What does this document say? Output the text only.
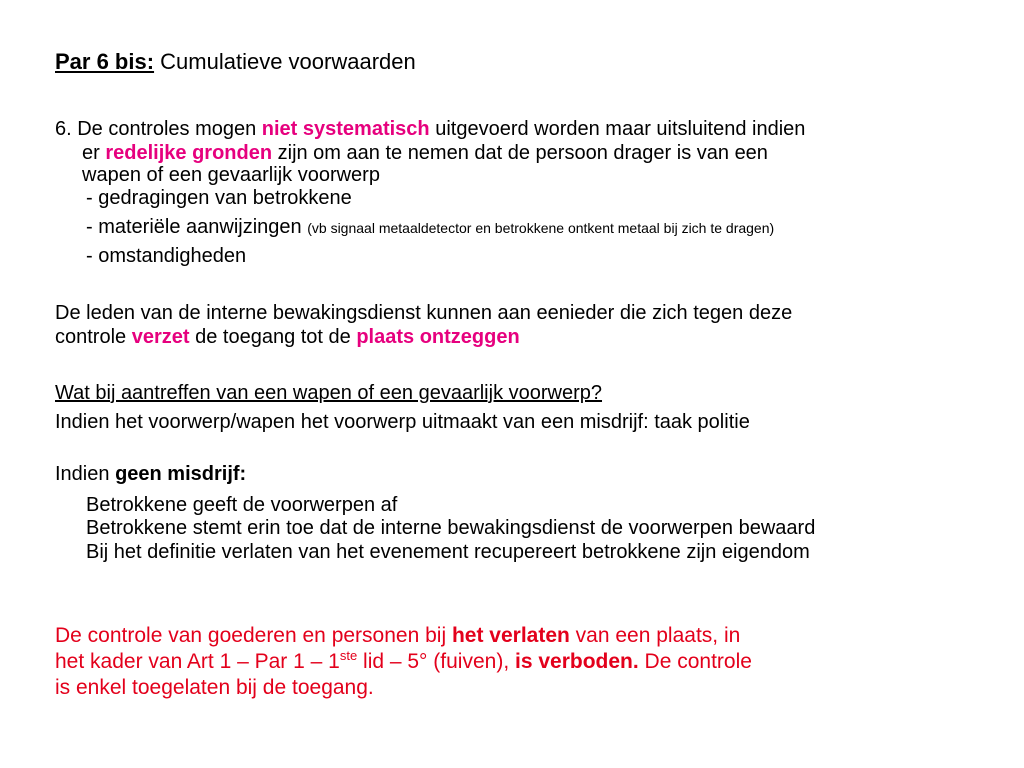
Par 6 bis: Cumulatieve voorwaarden
6. De controles mogen niet systematisch uitgevoerd worden maar uitsluitend indien
er redelijke gronden zijn om aan te nemen dat de persoon drager is van een
wapen of een gevaarlijk voorwerp
- gedragingen van betrokkene
- materiële aanwijzingen (vb signaal metaaldetector en betrokkene ontkent metaal bij zich te dragen)
- omstandigheden
De leden van de interne bewakingsdienst kunnen aan eenieder die zich tegen deze
controle verzet de toegang tot de plaats ontzeggen
Wat bij aantreffen van een wapen of een gevaarlijk voorwerp?
Indien het voorwerp/wapen het voorwerp uitmaakt van een misdrijf: taak politie
Indien geen misdrijf:
Betrokkene geeft de voorwerpen af
Betrokkene stemt erin toe dat de interne bewakingsdienst de voorwerpen bewaard
Bij het definitie verlaten van het evenement recupereert betrokkene zijn eigendom
De controle van goederen en personen bij het verlaten van een plaats, in
het kader van Art 1 – Par 1 – 1ste lid – 5° (fuiven), is verboden. De controle
is enkel toegelaten bij de toegang.
